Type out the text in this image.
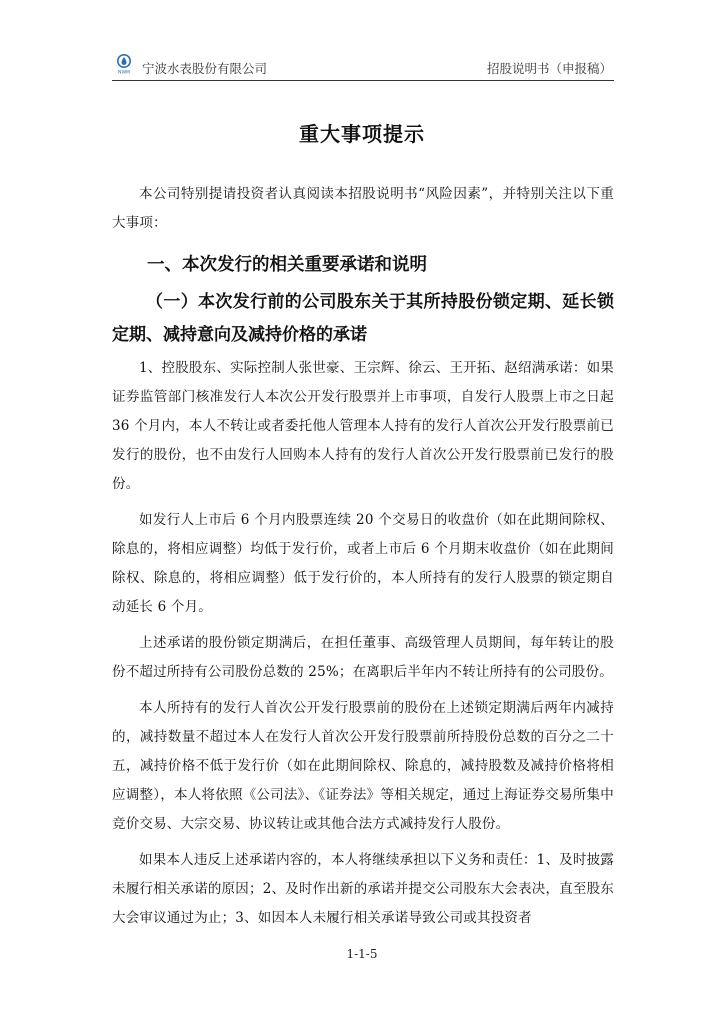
NWM 宁波水表股份有限公司	招股说明书（申报稿）
重大事项提示

本公司特别提请投资者认真阅读本招股说明书“风险因素”，并特别关注以下重大事项：

一、本次发行的相关重要承诺和说明
（一）本次发行前的公司股东关于其所持股份锁定期、延长锁定期、减持意向及减持价格的承诺

1、控股股东、实际控制人张世豪、王宗辉、徐云、王开拓、赵绍满承诺：如果证券监管部门核准发行人本次公开发行股票并上市事项，自发行人股票上市之日起 36 个月内，本人不转让或者委托他人管理本人持有的发行人首次公开发行股票前已发行的股份，也不由发行人回购本人持有的发行人首次公开发行股票前已发行的股份。

如发行人上市后 6 个月内股票连续 20 个交易日的收盘价（如在此期间除权、除息的，将相应调整）均低于发行价，或者上市后 6 个月期末收盘价（如在此期间除权、除息的，将相应调整）低于发行价的，本人所持有的发行人股票的锁定期自动延长 6 个月。

上述承诺的股份锁定期满后，在担任董事、高级管理人员期间，每年转让的股份不超过所持有公司股份总数的 25%；在离职后半年内不转让所持有的公司股份。

本人所持有的发行人首次公开发行股票前的股份在上述锁定期满后两年内减持的，减持数量不超过本人在发行人首次公开发行股票前所持股份总数的百分之二十五，减持价格不低于发行价（如在此期间除权、除息的，减持股数及减持价格将相应调整），本人将依照《公司法》、《证券法》等相关规定，通过上海证券交易所集中竞价交易、大宗交易、协议转让或其他合法方式减持发行人股份。

如果本人违反上述承诺内容的，本人将继续承担以下义务和责任：1、及时披露未履行相关承诺的原因；2、及时作出新的承诺并提交公司股东大会表决，直至股东大会审议通过为止；3、如因本人未履行相关承诺导致公司或其投资者

1-1-5
